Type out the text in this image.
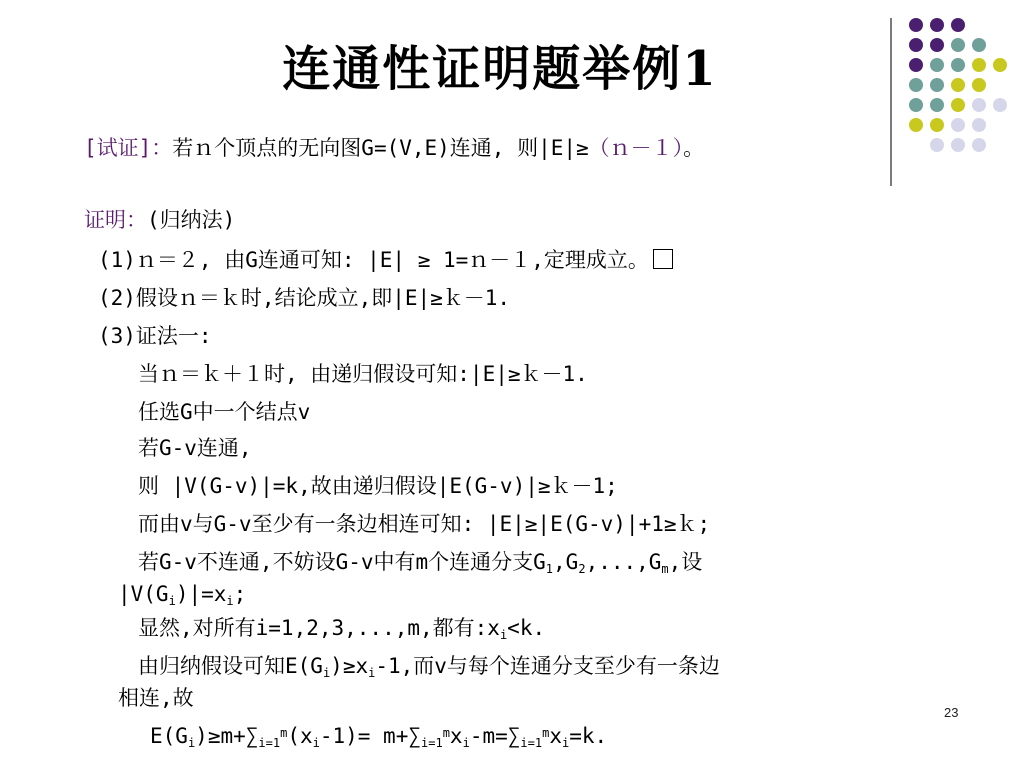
连通性证明题举例1
[试证]：若ｎ个顶点的无向图G=(V,E)连通, 则|E|≥（ｎ－１）。
证明：(归纳法)
(1)ｎ＝２, 由G连通可知: |E| ≥ 1=ｎ－１,定理成立。
(2)假设ｎ＝ｋ时,结论成立,即|E|≥ｋ－1.
(3)证法一:
当ｎ＝ｋ＋１时, 由递归假设可知:|E|≥ｋ－1.
任选G中一个结点v
若G-v连通,
则 |V(G-v)|=k,故由递归假设|E(G-v)|≥ｋ－1;
而由v与G-v至少有一条边相连可知: |E|≥|E(G-v)|+1≥ｋ;
若G-v不连通,不妨设G-v中有m个连通分支$G_1,G_2,...,G_m$,设
$|V(G_i)|=x_i$;
显然,对所有i=1,2,3,...,m,都有$:x_i<k$.
由归纳假设可知$E(G_i)\ge x_i-1$,而v与每个连通分支至少有一条边
相连,故
$E(G_i)\ge m+\sum_{i=1}^m(x_i-1)= m+\sum_{i=1}^mx_i-m=\sum_{i=1}^mx_i=k$.
23
